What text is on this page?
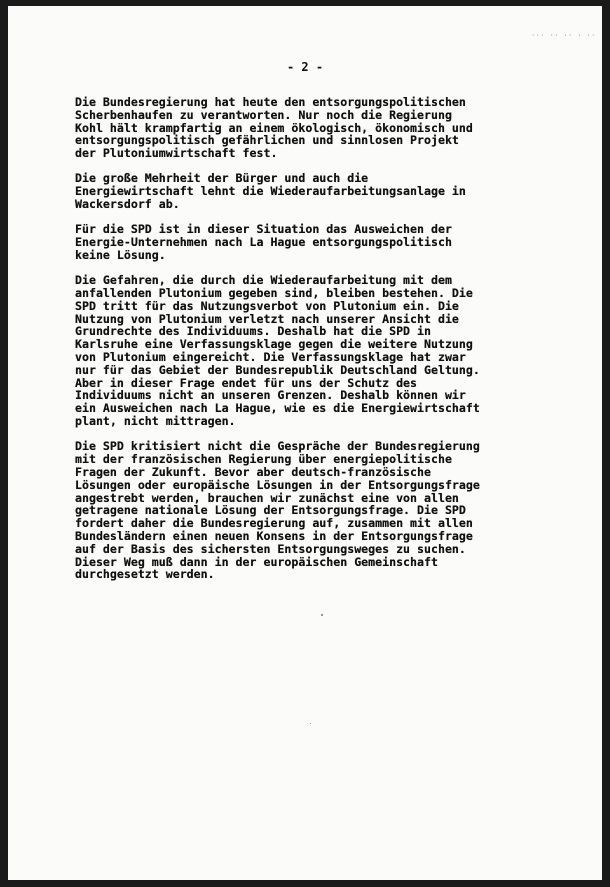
··· ·· ·· · ··
- 2 -

Die Bundesregierung hat heute den entsorgungspolitischen
Scherbenhaufen zu verantworten. Nur noch die Regierung
Kohl hält krampfartig an einem ökologisch, ökonomisch und
entsorgungspolitisch gefährlichen und sinnlosen Projekt
der Plutoniumwirtschaft fest.

Die große Mehrheit der Bürger und auch die
Energiewirtschaft lehnt die Wiederaufarbeitungsanlage in
Wackersdorf ab.

Für die SPD ist in dieser Situation das Ausweichen der
Energie-Unternehmen nach La Hague entsorgungspolitisch
keine Lösung.

Die Gefahren, die durch die Wiederaufarbeitung mit dem
anfallenden Plutonium gegeben sind, bleiben bestehen. Die
SPD tritt für das Nutzungsverbot von Plutonium ein. Die
Nutzung von Plutonium verletzt nach unserer Ansicht die
Grundrechte des Individuums. Deshalb hat die SPD in
Karlsruhe eine Verfassungsklage gegen die weitere Nutzung
von Plutonium eingereicht. Die Verfassungsklage hat zwar
nur für das Gebiet der Bundesrepublik Deutschland Geltung.
Aber in dieser Frage endet für uns der Schutz des
Individuums nicht an unseren Grenzen. Deshalb können wir
ein Ausweichen nach La Hague, wie es die Energiewirtschaft
plant, nicht mittragen.

Die SPD kritisiert nicht die Gespräche der Bundesregierung
mit der französischen Regierung über energiepolitische
Fragen der Zukunft. Bevor aber deutsch-französische
Lösungen oder europäische Lösungen in der Entsorgungsfrage
angestrebt werden, brauchen wir zunächst eine von allen
getragene nationale Lösung der Entsorgungsfrage. Die SPD
fordert daher die Bundesregierung auf, zusammen mit allen
Bundesländern einen neuen Konsens in der Entsorgungsfrage
auf der Basis des sichersten Entsorgungsweges zu suchen.
Dieser Weg muß dann in der europäischen Gemeinschaft
durchgesetzt werden.
